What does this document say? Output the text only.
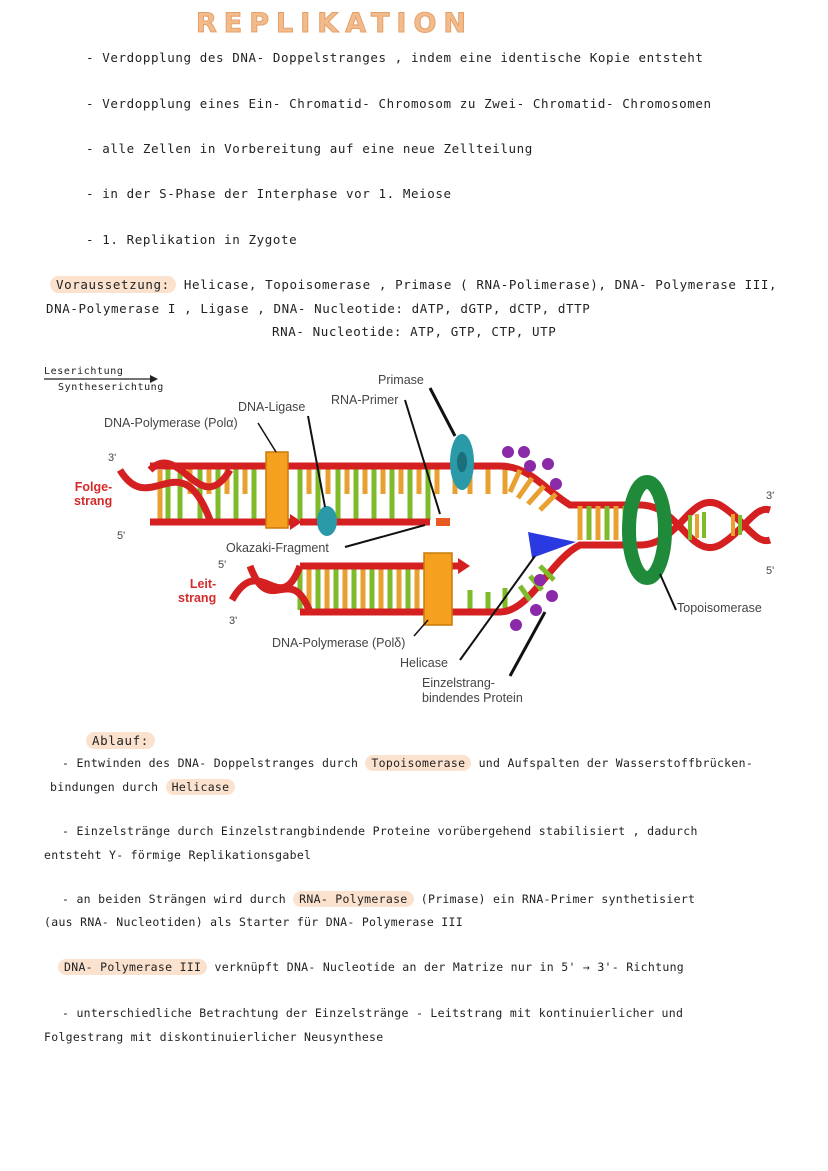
REPLIKATION
- Verdopplung des DNA- Doppelstranges , indem eine identische Kopie entsteht
- Verdopplung eines Ein- Chromatid- Chromosom zu Zwei- Chromatid- Chromosomen
- alle Zellen in Vorbereitung auf eine neue Zellteilung
- in der S-Phase der Interphase vor 1. Meiose
- 1. Replikation in Zygote
Voraussetzung: Helicase, Topoisomerase , Primase ( RNA-Polimerase), DNA- Polymerase III,
DNA-Polymerase I , Ligase , DNA- Nucleotide: dATP, dGTP, dCTP, dTTP
RNA- Nucleotide: ATP, GTP, CTP, UTP
Leserichtung
Syntheserichtung
Primase
RNA-Primer
DNA-Ligase
DNA-Polymerase (Polα)
3'
Folge-
strang
5'
Okazaki-Fragment
5'
Leit-
strang
3'
3'
5'
Topoisomerase
DNA-Polymerase (Polδ)
Helicase
Einzelstrang-
bindendes Protein
Ablauf:
- Entwinden des DNA- Doppelstranges durch Topoisomerase und Aufspalten der Wasserstoffbrücken-
bindungen durch Helicase
- Einzelstränge durch Einzelstrangbindende Proteine vorübergehend stabilisiert , dadurch
entsteht Y- förmige Replikationsgabel
- an beiden Strängen wird durch RNA- Polymerase (Primase) ein RNA-Primer synthetisiert
(aus RNA- Nucleotiden) als Starter für DNA- Polymerase III
DNA- Polymerase III verknüpft DNA- Nucleotide an der Matrize nur in 5' → 3'- Richtung
- unterschiedliche Betrachtung der Einzelstränge - Leitstrang mit kontinuierlicher und
Folgestrang mit diskontinuierlicher Neusynthese
